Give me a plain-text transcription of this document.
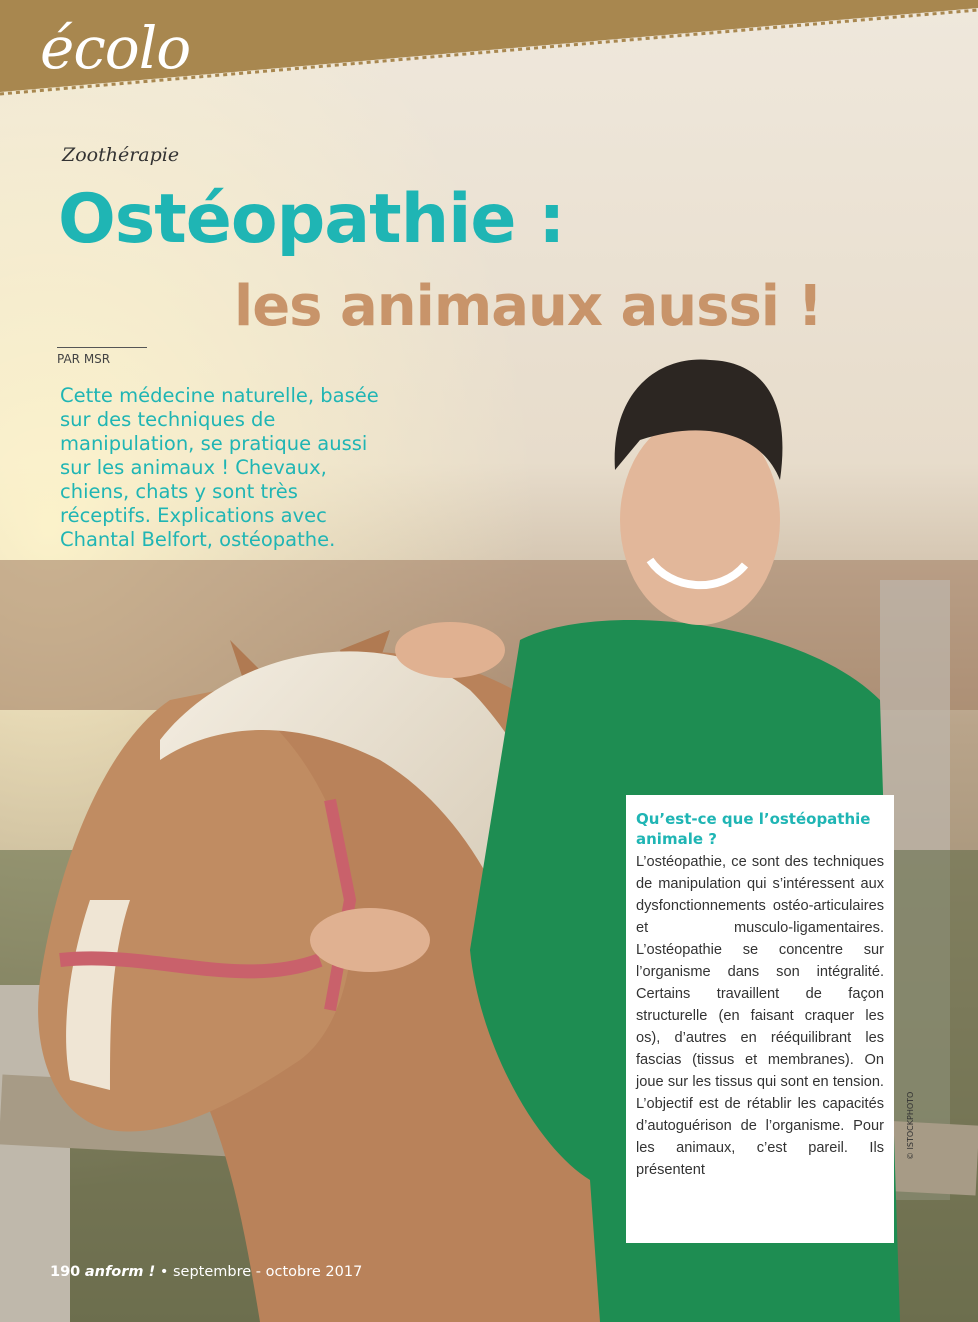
écolo
Zoothérapie
Ostéopathie :
les animaux aussi !
PAR MSR
Cette médecine naturelle, basée sur des techniques de manipulation, se pratique aussi sur les animaux ! Chevaux, chiens, chats y sont très réceptifs. Explications avec Chantal Belfort, ostéopathe.
Qu’est-ce que l’ostéopathie animale ?

L’ostéopathie, ce sont des techniques de manipulation qui s’intéressent aux dysfonctionnements ostéo-articulaires et musculo-ligamentaires. L’ostéopathie se concentre sur l’organisme dans son intégralité. Certains travaillent de façon structurelle (en faisant craquer les os), d’autres en rééquilibrant les fascias (tissus et membranes). On joue sur les tissus qui sont en tension. L’objectif est de rétablir les capacités d’autoguérison de l’organisme. Pour les animaux, c’est pareil. Ils présentent

© ISTOCKPHOTO
190 anform ! • septembre - octobre 2017
